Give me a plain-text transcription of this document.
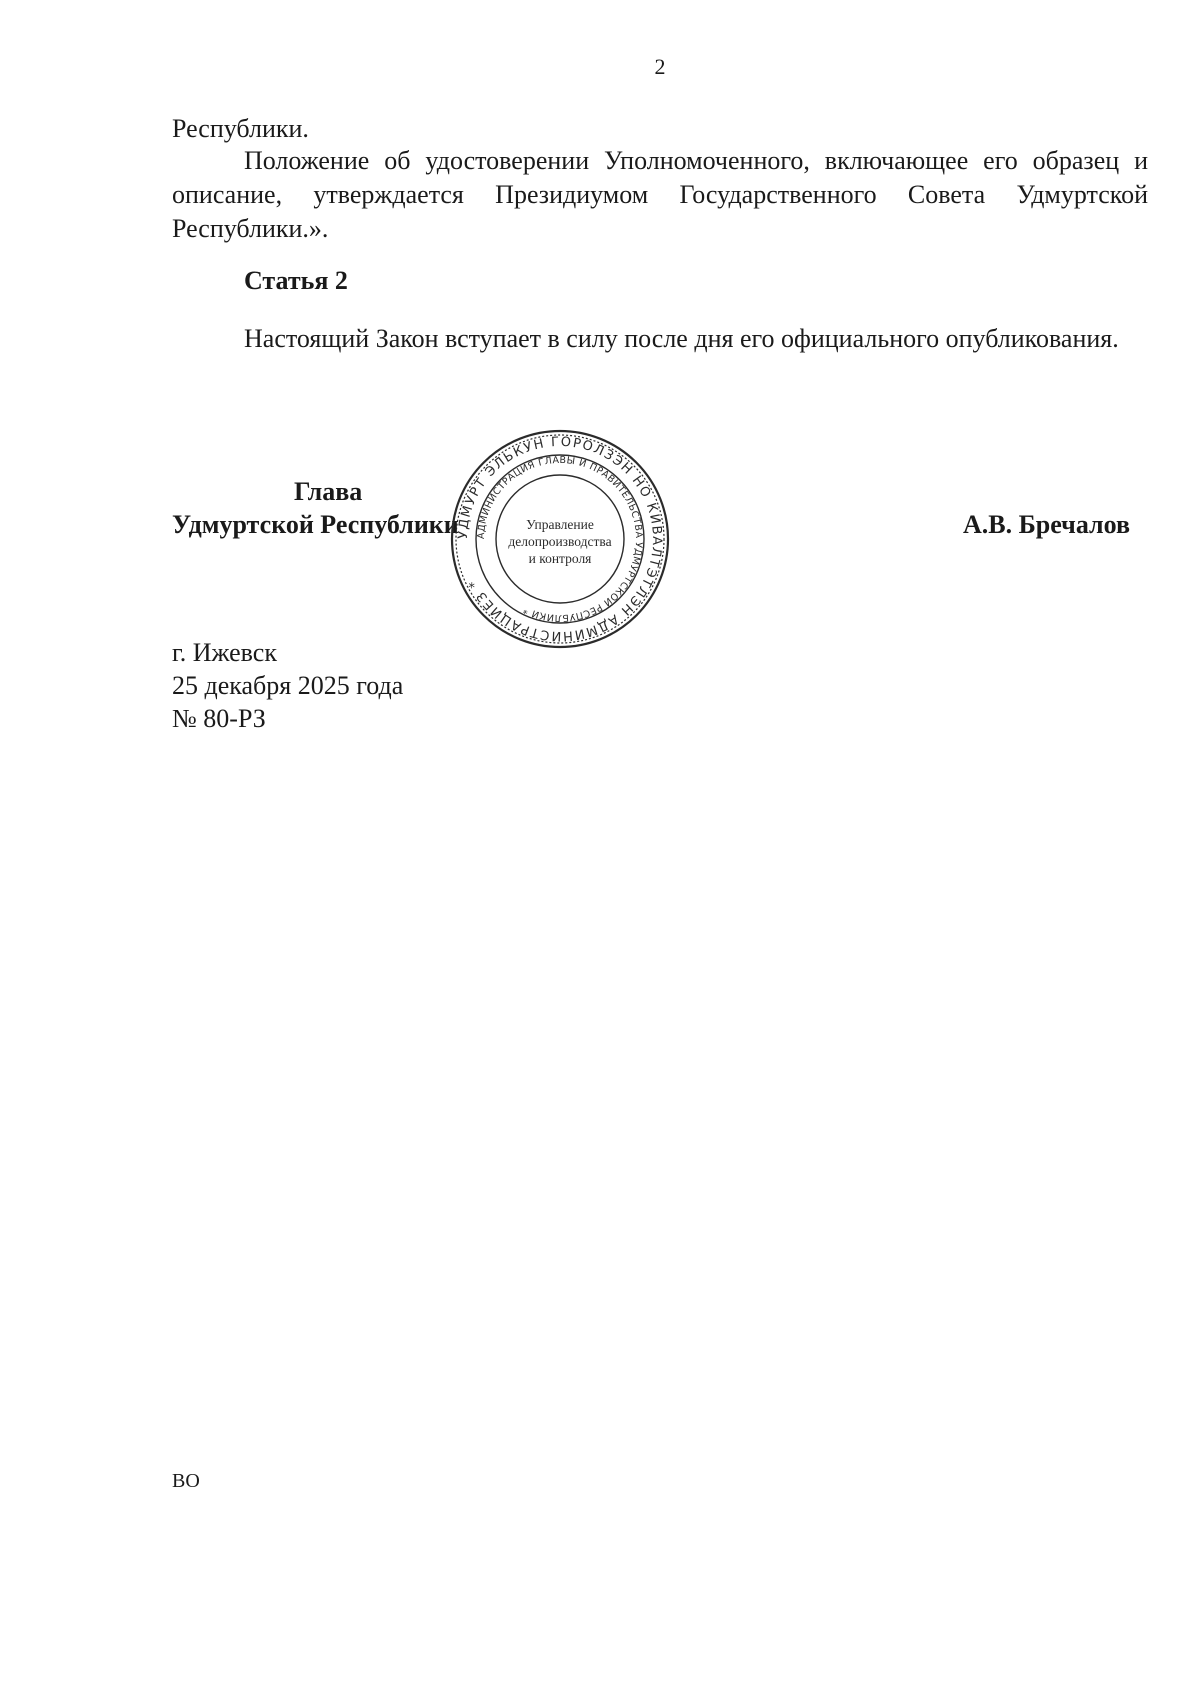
2

Республики.

Положение об удостоверении Уполномоченного, включающее его образец и описание, утверждается Президиумом Государственного Совета Удмуртской Республики.».

Статья 2

Настоящий Закон вступает в силу после дня его официального опубликования.

Глава
Удмуртской Республики	А.В. Бречалов
УДМУРТ ЭЛЬКУН ГОРОЛЗЭН НО КИВАЛТЭТЛЭН АДМИНИСТРАЦИЕЗ *
АДМИНИСТРАЦИЯ ГЛАВЫ И ПРАВИТЕЛЬСТВА УДМУРТСКОЙ РЕСПУБЛИКИ *
Управление
делопроизводства
и контроля
г. Ижевск
25 декабря 2025 года
№ 80-РЗ
ВО
